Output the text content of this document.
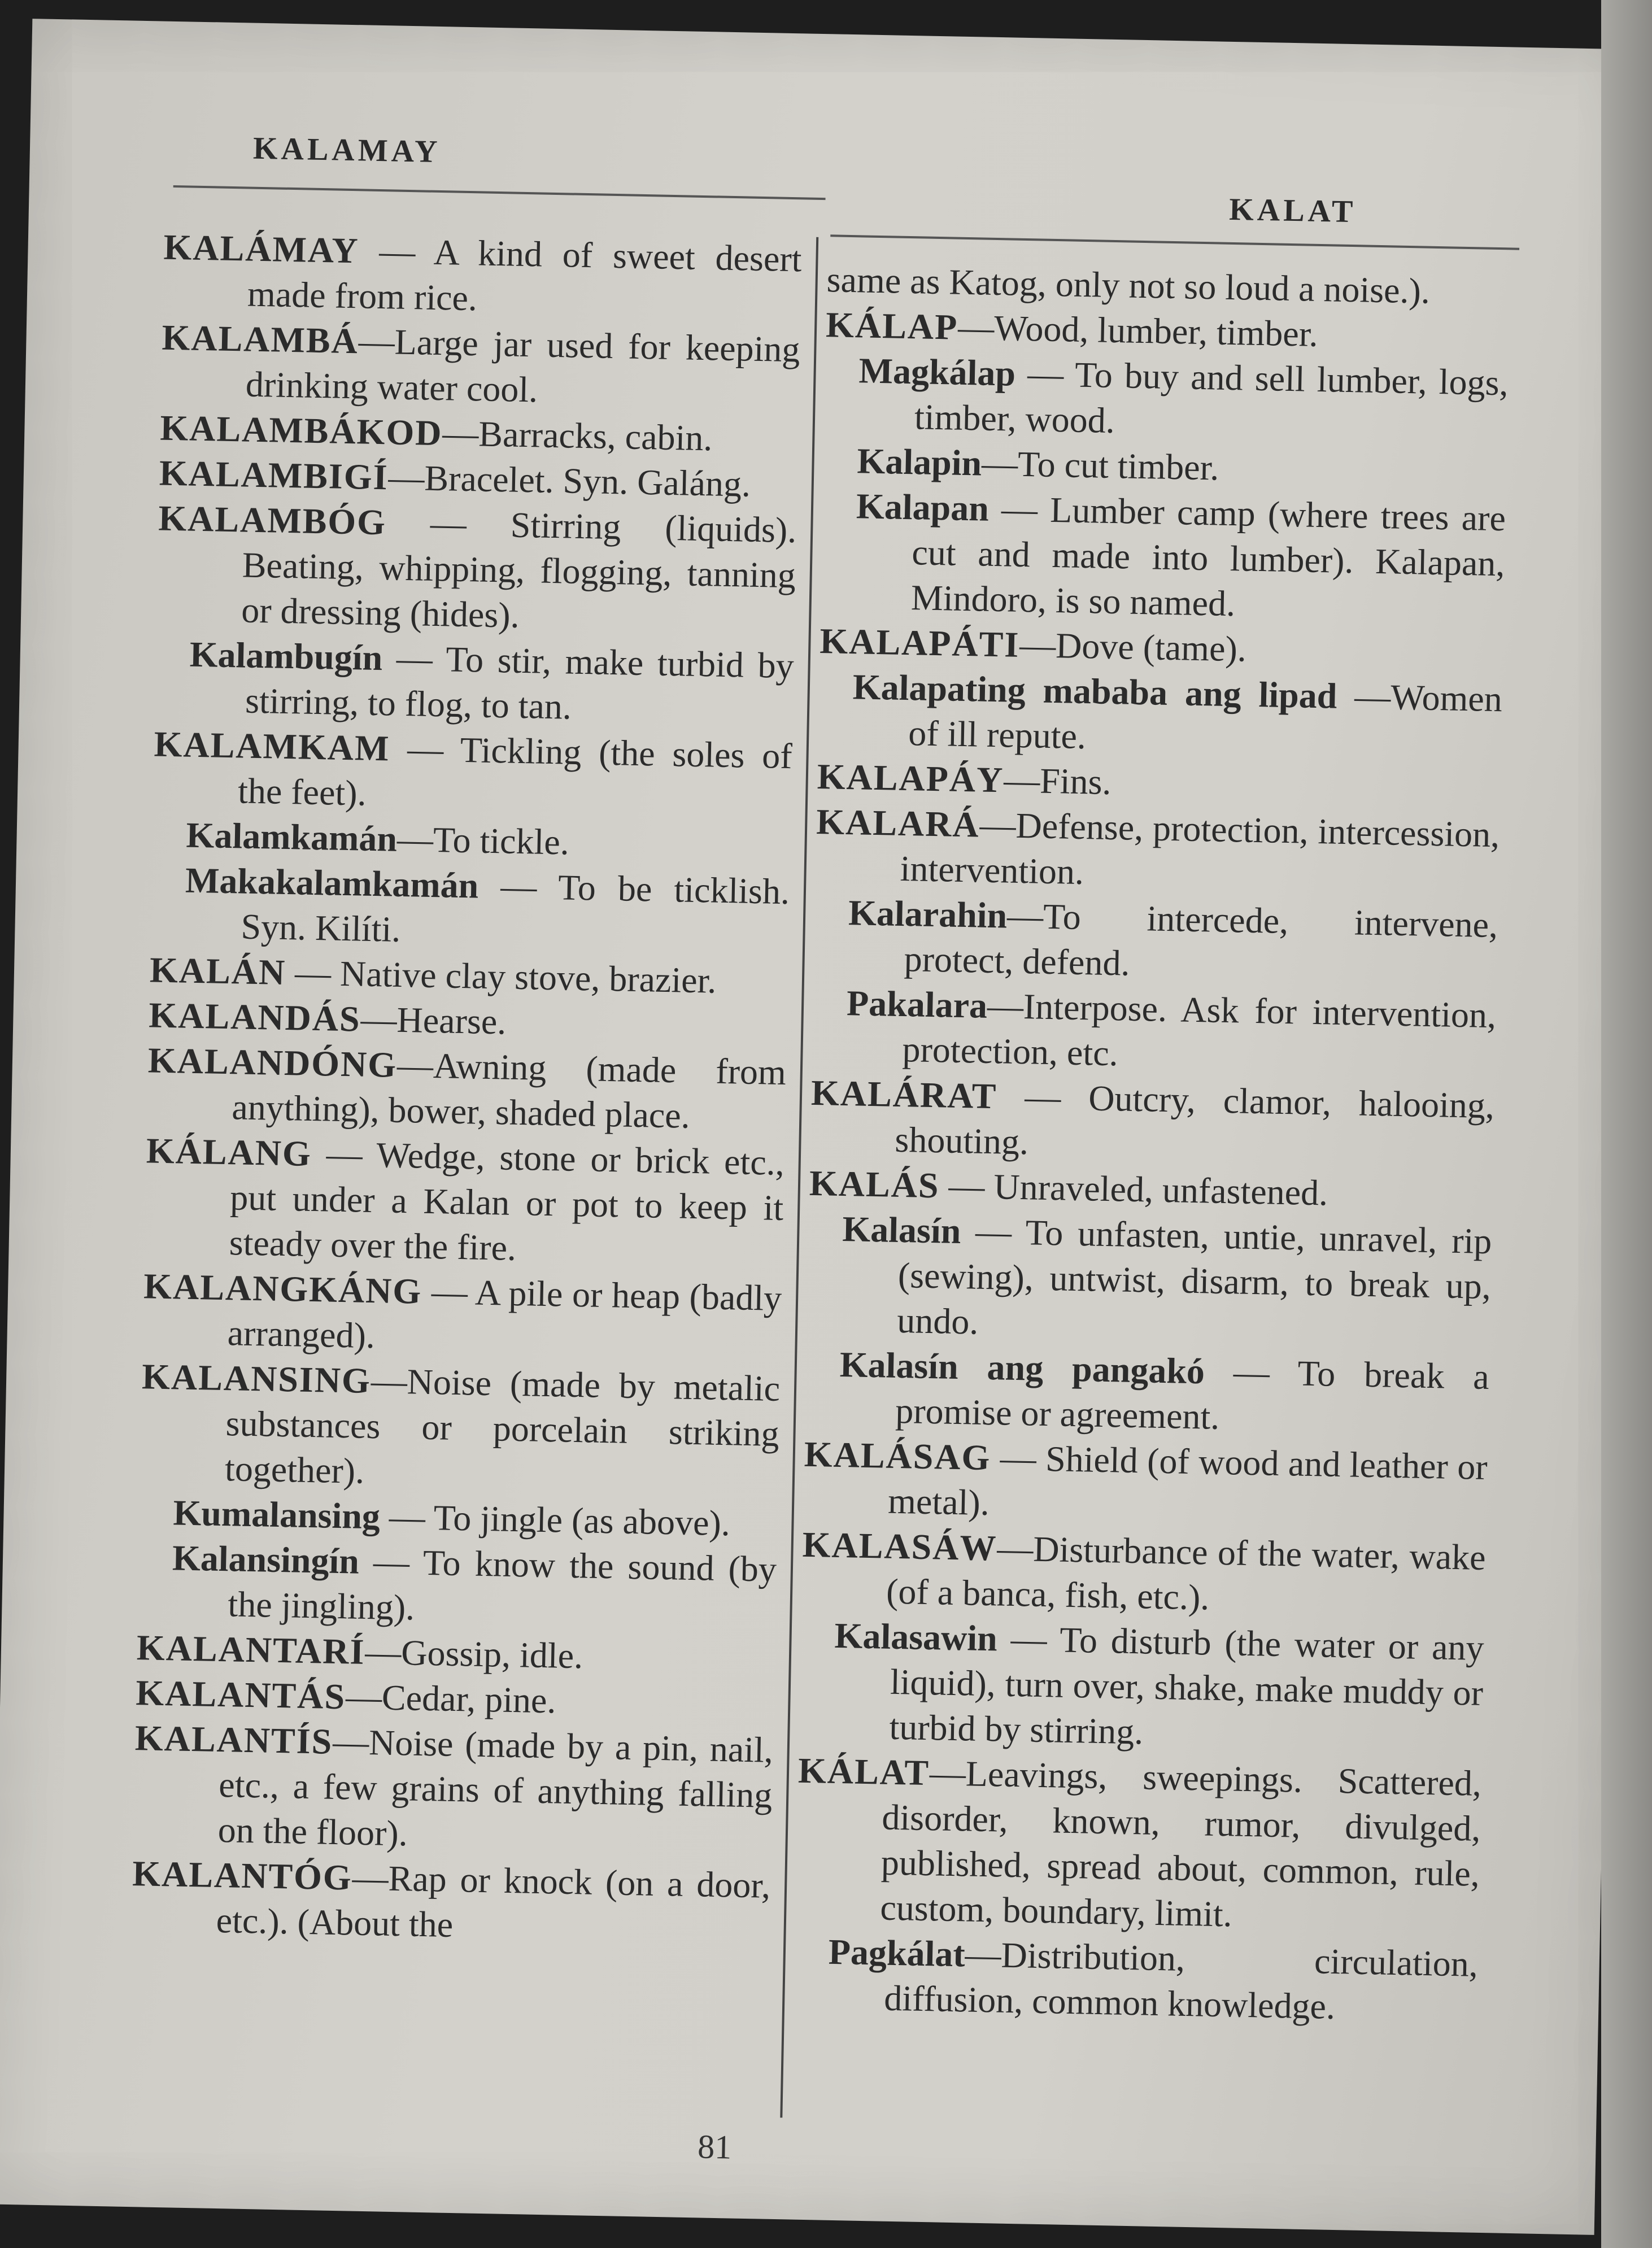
KALAMAY
KALAT

KALÁMAY — A kind of sweet desert made from rice.

KALAMBÁ—Large jar used for keeping drinking water cool.

KALAMBÁKOD—Barracks, cabin.

KALAMBIGÍ—Bracelet. Syn. Galáng.

KALAMBÓG — Stirring (liquids). Beating, whipping, flogging, tanning or dressing (hides).

Kalambugín — To stir, make turbid by stirring, to flog, to tan.

KALAMKAM — Tickling (the soles of the feet).

Kalamkamán—To tickle.

Makakalamkamán — To be ticklish. Syn. Kilíti.

KALÁN — Native clay stove, brazier.

KALANDÁS—Hearse.

KALANDÓNG—Awning (made from anything), bower, shaded place.

KÁLANG — Wedge, stone or brick etc., put under a Kalan or pot to keep it steady over the fire.

KALANGKÁNG — A pile or heap (badly arranged).

KALANSING—Noise (made by metalic substances or porcelain striking together).

Kumalansing — To jingle (as above).

Kalansingín — To know the sound (by the jingling).

KALANTARÍ—Gossip, idle.

KALANTÁS—Cedar, pine.

KALANTÍS—Noise (made by a pin, nail, etc., a few grains of anything falling on the floor).

KALANTÓG—Rap or knock (on a door, etc.). (About the

same as Katog, only not so loud a noise.).

KÁLAP—Wood, lumber, timber.

Magkálap — To buy and sell lumber, logs, timber, wood.

Kalapin—To cut timber.

Kalapan — Lumber camp (where trees are cut and made into lumber). Kalapan, Mindoro, is so named.

KALAPÁTI—Dove (tame).

Kalapating mababa ang lipad —Women of ill repute.

KALAPÁY—Fins.

KALARÁ—Defense, protection, intercession, intervention.

Kalarahin—To intercede, intervene, protect, defend.

Pakalara—Interpose. Ask for intervention, protection, etc.

KALÁRAT — Outcry, clamor, halooing, shouting.

KALÁS — Unraveled, unfastened.

Kalasín — To unfasten, untie, unravel, rip (sewing), untwist, disarm, to break up, undo.

Kalasín ang pangakó — To break a promise or agreement.

KALÁSAG — Shield (of wood and leather or metal).

KALASÁW—Disturbance of the water, wake (of a banca, fish, etc.).

Kalasawin — To disturb (the water or any liquid), turn over, shake, make muddy or turbid by stirring.

KÁLAT—Leavings, sweepings. Scattered, disorder, known, rumor, divulged, published, spread about, common, rule, custom, boundary, limit.

Pagkálat—Distribution, circulation, diffusion, common knowledge.

81
